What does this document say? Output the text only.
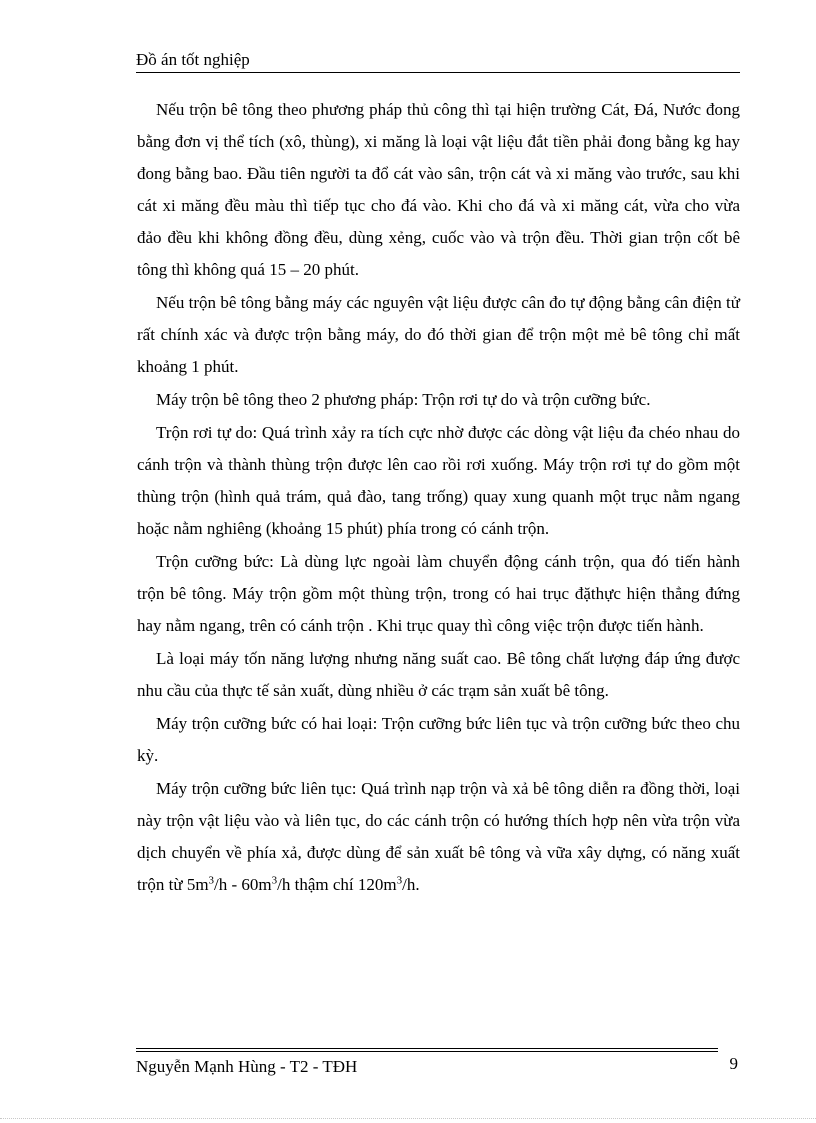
Đồ án tốt nghiệp

Nếu trộn bê tông theo phương pháp thủ công thì tại hiện trường Cát, Đá, Nước đong bằng đơn vị thể tích (xô, thùng), xi măng là loại vật liệu đắt tiền phải đong bằng kg hay đong bằng bao. Đầu tiên người ta đổ cát vào sân, trộn cát và xi măng vào trước, sau khi cát xi măng đều màu thì tiếp tục cho đá vào. Khi cho đá và xi măng cát, vừa cho vừa đảo đều khi không đồng đều, dùng xẻng, cuốc vào và trộn đều. Thời gian trộn cốt bê tông thì không quá 15 – 20 phút.

Nếu trộn bê tông bằng máy các nguyên vật liệu được cân đo tự động bằng cân điện tử rất chính xác và được trộn bằng máy, do đó thời gian để trộn một mẻ bê tông chỉ mất khoảng 1 phút.

Máy trộn bê tông theo 2 phương pháp: Trộn rơi tự do và trộn cưỡng bức.

Trộn rơi tự do: Quá trình xảy ra tích cực nhờ được các dòng vật liệu đa chéo nhau do cánh trộn và thành thùng trộn được lên cao rồi rơi xuống. Máy trộn rơi tự do gồm một thùng trộn (hình quả trám, quả đào, tang trống) quay xung quanh một trục nằm ngang hoặc nằm nghiêng (khoảng 15 phút) phía trong có cánh trộn.

Trộn cưỡng bức: Là dùng lực ngoài làm chuyển động cánh trộn, qua đó tiến hành trộn bê tông. Máy trộn gồm một thùng trộn, trong có hai trục đặthực hiện thẳng đứng hay nằm ngang, trên có cánh trộn . Khi trục quay thì công việc trộn được tiến hành.

Là loại máy tốn năng lượng nhưng năng suất cao. Bê tông chất lượng đáp ứng được nhu cầu của thực tế sản xuất, dùng nhiều ở các trạm sản xuất bê tông.

Máy trộn cưỡng bức có hai loại: Trộn cưỡng bức liên tục và trộn cưỡng bức theo chu kỳ.

Máy trộn cưỡng bức liên tục: Quá trình nạp trộn và xả bê tông diễn ra đồng thời, loại này trộn vật liệu vào và liên tục, do các cánh trộn có hướng thích hợp nên vừa trộn vừa dịch chuyển về phía xả, được dùng để sản xuất bê tông và vữa xây dựng, có năng xuất trộn từ $5m^3/h - 60m^3/h$ thậm chí $120m^3/h$.

Nguyễn Mạnh Hùng - T2 - TĐH	9
